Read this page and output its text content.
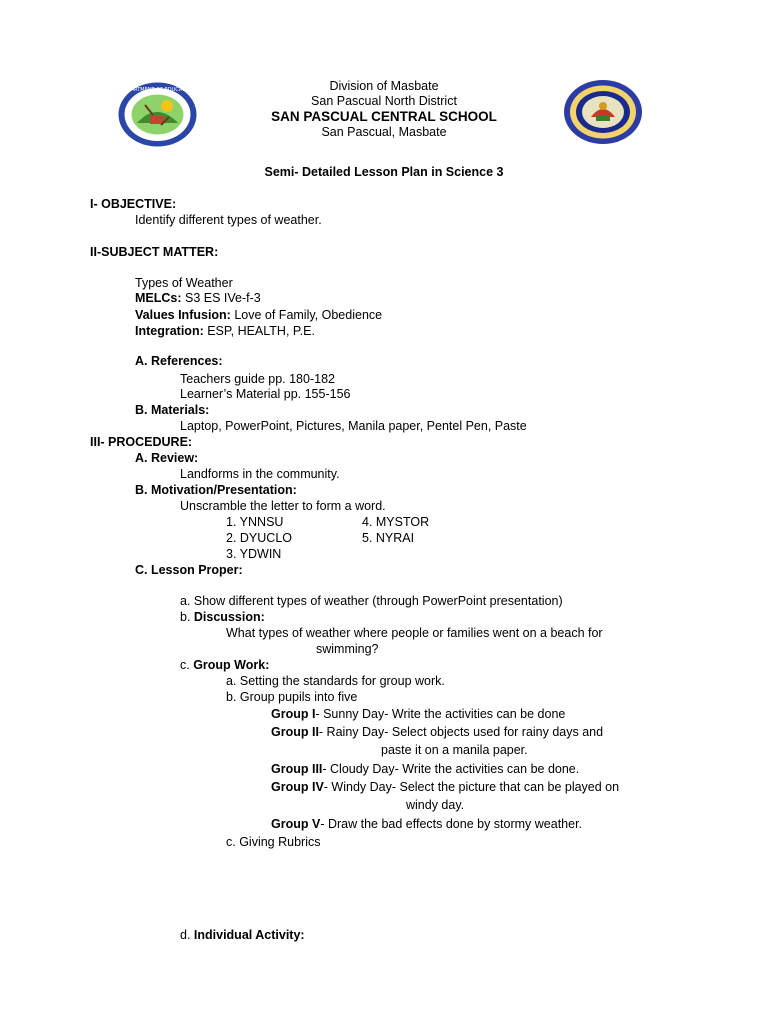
DEPARTMENT OF EDUCATION	Division of Masbate
San Pascual North District
SAN PASCUAL CENTRAL SCHOOL
San Pascual, Masbate
Semi- Detailed Lesson Plan in Science 3
I- OBJECTIVE:
Identify different types of weather.
II-SUBJECT MATTER:
Types of Weather
MELCs: S3 ES IVe-f-3
Values Infusion: Love of Family, Obedience
Integration: ESP, HEALTH, P.E.
A. References:
Teachers guide pp. 180-182
Learner’s Material pp. 155-156
B. Materials:
Laptop, PowerPoint, Pictures, Manila paper, Pentel Pen, Paste
III- PROCEDURE:
A. Review:
Landforms in the community.
B. Motivation/Presentation:
Unscramble the letter to form a word.
1. YNNSU
2. DYUCLO
3. YDWIN
4. MYSTOR
5. NYRAI
C. Lesson Proper:
a. Show different types of weather (through PowerPoint presentation)
b. Discussion:
What types of weather where people or families went on a beach for
swimming?
c. Group Work:
a. Setting the standards for group work.
b. Group pupils into five
Group I- Sunny Day- Write the activities can be done
Group II- Rainy Day- Select objects used for rainy days and
paste it on a manila paper.
Group III- Cloudy Day- Write the activities can be done.
Group IV- Windy Day- Select the picture that can be played on
windy day.
Group V- Draw the bad effects done by stormy weather.
c. Giving Rubrics
d. Individual Activity:
